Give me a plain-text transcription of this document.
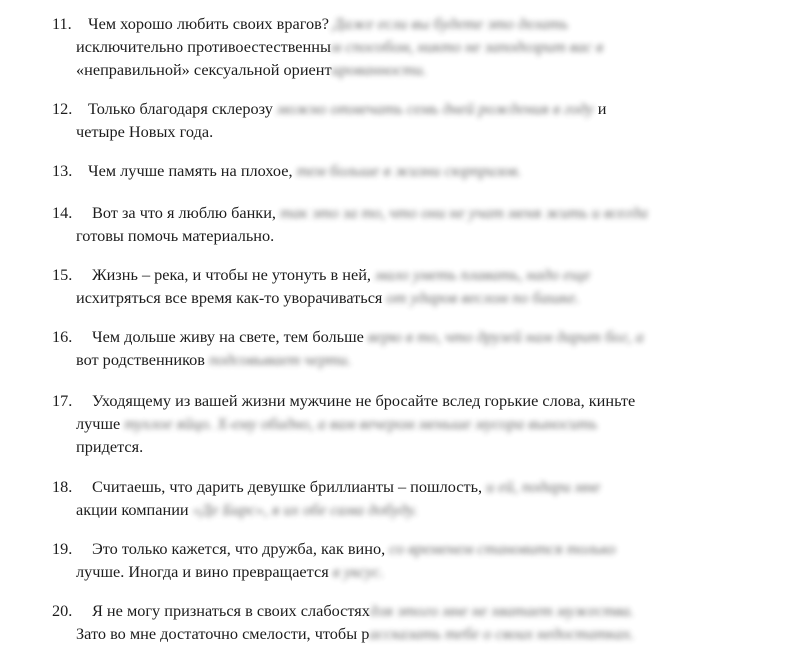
11. Чем хорошо любить своих врагов? Даже если вы будете это делать
исключительно противоестественным способом, никто не заподозрит вас в
«неправильной» сексуальной ориентированности.
12. Только благодаря склерозу можно отмечать семь дней рождения в году и
четыре Новых года.
13. Чем лучше память на плохое, тем больше в жизни сюрпризов.
14. Вот за что я люблю банки, так это за то, что они не учат меня жить и всегда
готовы помочь материально.
15. Жизнь – река, и чтобы не утонуть в ней, мало уметь плавать, надо еще
исхитряться все время как-то уворачиваться от ударов веслом по башке.
16. Чем дольше живу на свете, тем больше верю в то, что друзей нам дарит бог, а
вот родственников подсовывает черти.
17. Уходящему из вашей жизни мужчине не бросайте вслед горькие слова, киньте
лучше тухлое яйцо. Х-ему обидно, а вам вечером меньше мусора выносить
придется.
18. Считаешь, что дарить девушке бриллианты – пошлость, и ей, подари мне
акции компании «Де Бирс», я их обе сама добуду.
19. Это только кажется, что дружба, как вино, со временем становится только
лучше. Иногда и вино превращается в уксус.
20. Я не могу признаться в своих слабостяхдля этого мне не хватает мужества.
Зато во мне достаточно смелости, чтобы рассказать тебе о своих недостатках.
